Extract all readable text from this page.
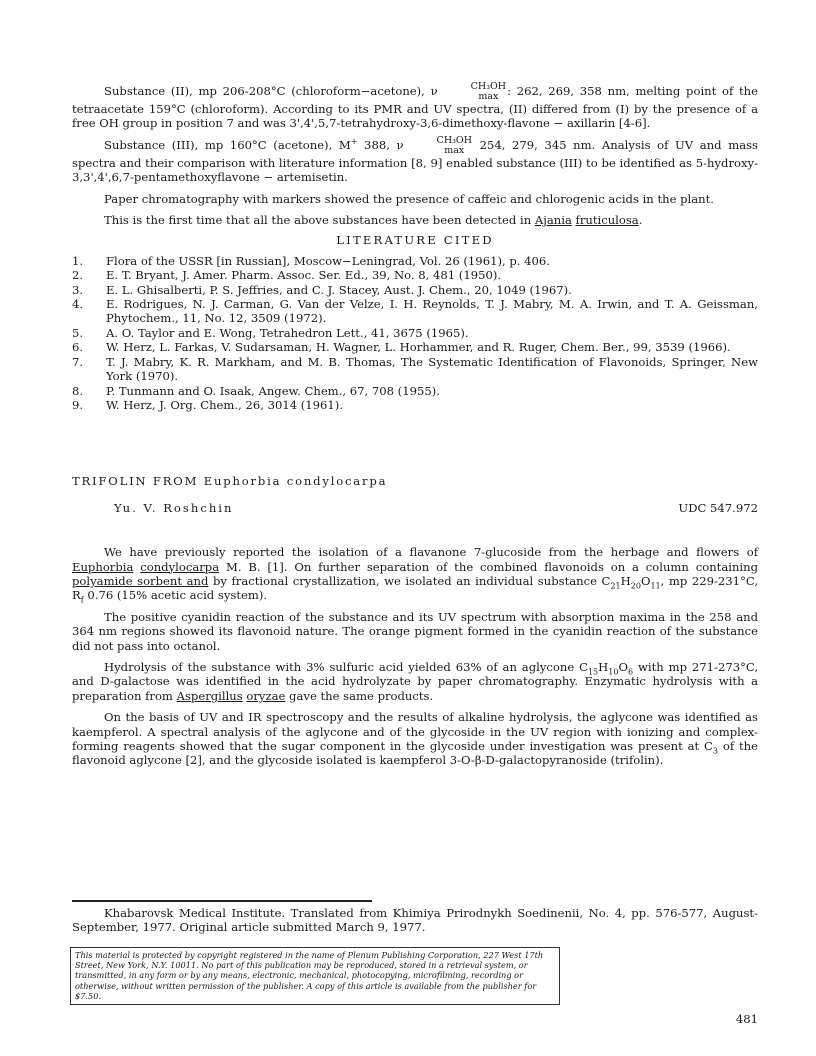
Substance (II), mp 206-208°C (chloroform−acetone), ν	CH₃OH
max : 262, 269, 358 nm, melting point of the tetraacetate 159°C (chloroform). According to its PMR and UV spectra, (II) differed from (I) by the presence of a free OH group in position 7 and was 3',4',5,7-tetrahydroxy-3,6-dimethoxy-flavone − axillarin [4-6].

Substance (III), mp 160°C (acetone), M+ 388, ν	CH₃OH
max 254, 279, 345 nm. Analysis of UV and mass spectra and their comparison with literature information [8, 9] enabled substance (III) to be identified as 5-hydroxy-3,3',4',6,7-pentamethoxyflavone − artemisetin.

Paper chromatography with markers showed the presence of caffeic and chlorogenic acids in the plant.

This is the first time that all the above substances have been detected in Ajania fruticulosa.

LITERATURE CITED

1.	Flora of the USSR [in Russian], Moscow−Leningrad, Vol. 26 (1961), p. 406.
2.	E. T. Bryant, J. Amer. Pharm. Assoc. Ser. Ed., 39, No. 8, 481 (1950).
3.	E. L. Ghisalberti, P. S. Jeffries, and C. J. Stacey, Aust. J. Chem., 20, 1049 (1967).
4.	E. Rodrigues, N. J. Carman, G. Van der Velze, I. H. Reynolds, T. J. Mabry, M. A. Irwin, and T. A. Geissman, Phytochem., 11, No. 12, 3509 (1972).
5.	A. O. Taylor and E. Wong, Tetrahedron Lett., 41, 3675 (1965).
6.	W. Herz, L. Farkas, V. Sudarsaman, H. Wagner, L. Horhammer, and R. Ruger, Chem. Ber., 99, 3539 (1966).
7.	T. J. Mabry, K. R. Markham, and M. B. Thomas, The Systematic Identification of Flavonoids, Springer, New York (1970).
8.	P. Tunmann and O. Isaak, Angew. Chem., 67, 708 (1955).
9.	W. Herz, J. Org. Chem., 26, 3014 (1961).

TRIFOLIN FROM Euphorbia condylocarpa

Yu. V. Roshchin	UDC 547.972

We have previously reported the isolation of a flavanone 7-glucoside from the herbage and flowers of Euphorbia condylocarpa M. B. [1]. On further separation of the combined flavonoids on a column containing polyamide sorbent and by fractional crystallization, we isolated an individual substance $C_{21}H_{20}O_{11}$, mp 229-231°C, $R_f$ 0.76 (15% acetic acid system).

The positive cyanidin reaction of the substance and its UV spectrum with absorption maxima in the 258 and 364 nm regions showed its flavonoid nature. The orange pigment formed in the cyanidin reaction of the substance did not pass into octanol.

Hydrolysis of the substance with 3% sulfuric acid yielded 63% of an aglycone $C_{15}H_{10}O_6$ with mp 271-273°C, and D-galactose was identified in the acid hydrolyzate by paper chromatography. Enzymatic hydrolysis with a preparation from Aspergillus oryzae gave the same products.

On the basis of UV and IR spectroscopy and the results of alkaline hydrolysis, the aglycone was identified as kaempferol. A spectral analysis of the aglycone and of the glycoside in the UV region with ionizing and complex-forming reagents showed that the sugar component in the glycoside under investigation was present at $C_3$ of the flavonoid aglycone [2], and the glycoside isolated is kaempferol 3-O-β-D-galactopyranoside (trifolin).

Khabarovsk Medical Institute. Translated from Khimiya Prirodnykh Soedinenii, No. 4, pp. 576-577, August-September, 1977. Original article submitted March 9, 1977.

This material is protected by copyright registered in the name of Plenum Publishing Corporation, 227 West 17th Street, New York, N.Y. 10011. No part of this publication may be reproduced, stored in a retrieval system, or transmitted, in any form or by any means, electronic, mechanical, photocopying, microfilming, recording or otherwise, without written permission of the publisher. A copy of this article is available from the publisher for $7.50.
481
